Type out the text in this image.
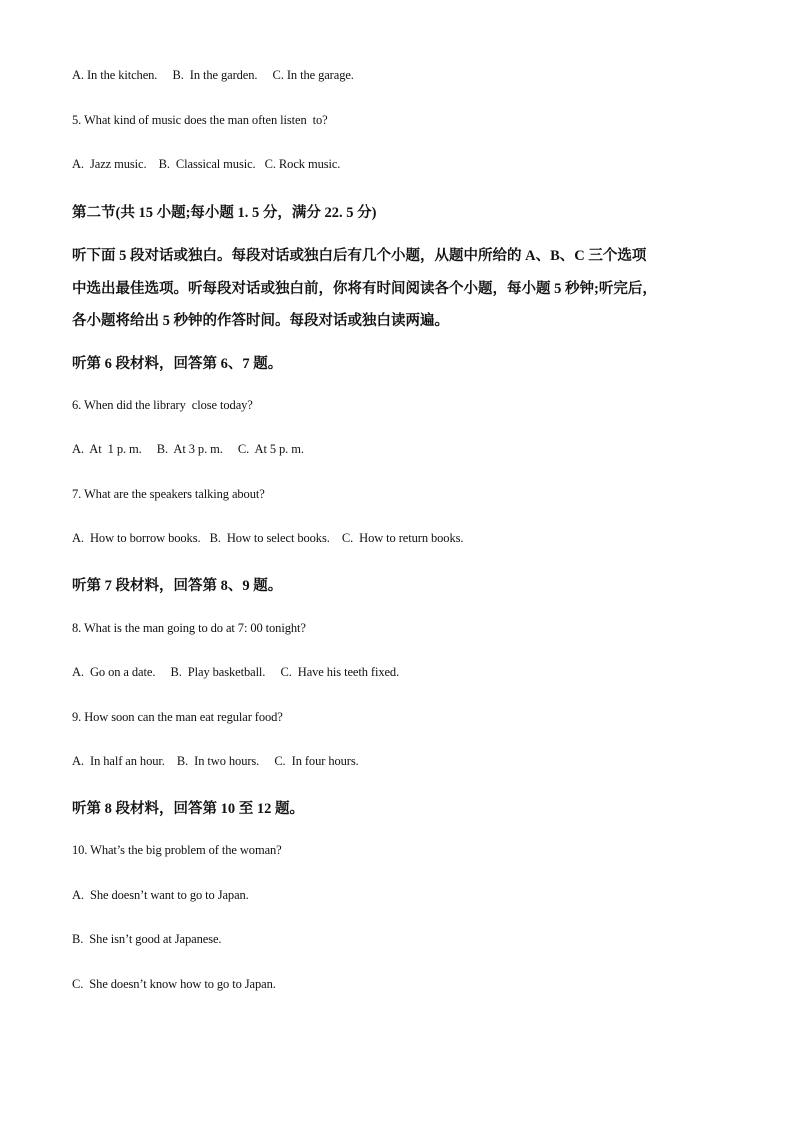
A. In the kitchen.     B.  In the garden.     C. In the garage.
5. What kind of music does the man often listen  to?
A.  Jazz music.    B.  Classical music.   C. Rock music.
第二节(共 15 小题;每小题 1. 5 分，满分 22. 5 分)
听下面 5 段对话或独白。每段对话或独白后有几个小题，从题中所给的 A、B、C 三个选项
中选出最佳选项。听每段对话或独白前，你将有时间阅读各个小题，每小题 5 秒钟;听完后，
各小题将给出 5 秒钟的作答时间。每段对话或独白读两遍。
听第 6 段材料，回答第 6、7 题。
6. When did the library  close today?
A.  At  1 p. m.     B.  At 3 p. m.     C.  At 5 p. m.
7. What are the speakers talking about?
A.  How to borrow books.   B.  How to select books.    C.  How to return books.
听第 7 段材料，回答第 8、9 题。
8. What is the man going to do at 7: 00 tonight?
A.  Go on a date.     B.  Play basketball.     C.  Have his teeth fixed.
9. How soon can the man eat regular food?
A.  In half an hour.    B.  In two hours.     C.  In four hours.
听第 8 段材料，回答第 10 至 12 题。
10. What’s the big problem of the woman?
A.  She doesn’t want to go to Japan.
B.  She isn’t good at Japanese.
C.  She doesn’t know how to go to Japan.
